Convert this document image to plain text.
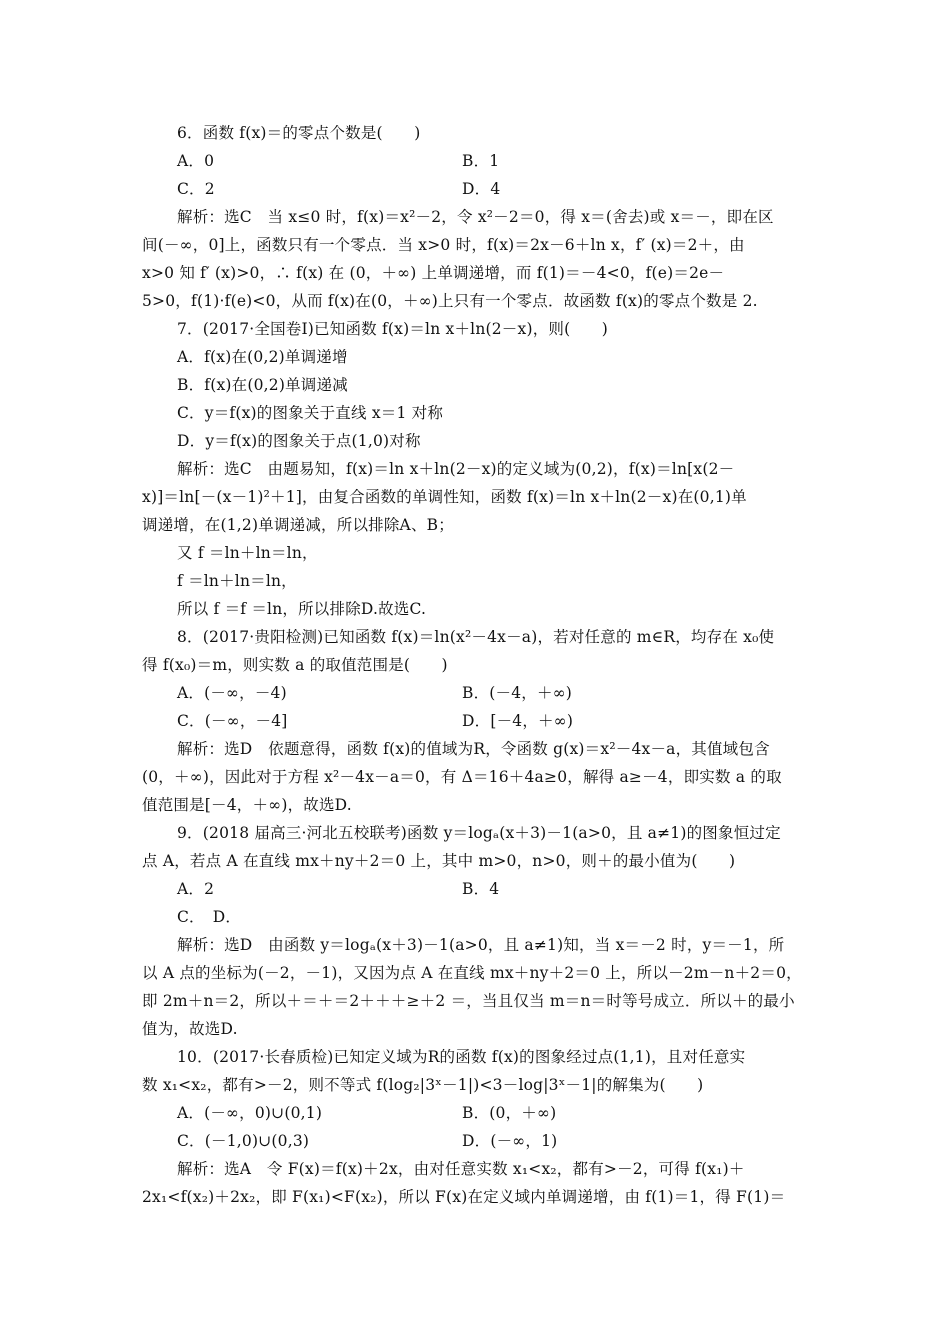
6．函数 f(x)＝的零点个数是(　　)
A．0	B．1
C．2	D．4
解析：选C　当 x≤0 时，f(x)＝x²－2，令 x²－2＝0，得 x＝(舍去)或 x＝－，即在区
间(－∞，0]上，函数只有一个零点．当 x>0 时，f(x)＝2x－6＋ln x，f′ (x)＝2＋，由
x>0 知 f′ (x)>0，∴ f(x) 在 (0，＋∞) 上单调递增，而 f(1)＝－4<0，f(e)＝2e－
5>0，f(1)·f(e)<0，从而 f(x)在(0，＋∞)上只有一个零点．故函数 f(x)的零点个数是 2.
7．(2017·全国卷Ⅰ)已知函数 f(x)＝ln x＋ln(2－x)，则(　　)
A．f(x)在(0,2)单调递增
B．f(x)在(0,2)单调递减
C．y＝f(x)的图象关于直线 x＝1 对称
D．y＝f(x)的图象关于点(1,0)对称
解析：选C　由题易知，f(x)＝ln x＋ln(2－x)的定义域为(0,2)，f(x)＝ln[x(2－
x)]＝ln[－(x－1)²＋1]，由复合函数的单调性知，函数 f(x)＝ln x＋ln(2－x)在(0,1)单
调递增，在(1,2)单调递减，所以排除A、B；
又 f ＝ln＋ln＝ln，
f ＝ln＋ln＝ln，
所以 f ＝f ＝ln，所以排除D.故选C.
8．(2017·贵阳检测)已知函数 f(x)＝ln(x²－4x－a)，若对任意的 m∈R，均存在 x₀使
得 f(x₀)＝m，则实数 a 的取值范围是(　　)
A．(－∞，－4)	B．(－4，＋∞)
C．(－∞，－4]	D．[－4，＋∞)
解析：选D　依题意得，函数 f(x)的值域为R，令函数 g(x)＝x²－4x－a，其值域包含
(0，＋∞)，因此对于方程 x²－4x－a＝0，有 Δ＝16＋4a≥0，解得 a≥－4，即实数 a 的取
值范围是[－4，＋∞)，故选D.
9．(2018 届高三·河北五校联考)函数 y＝logₐ(x＋3)－1(a>0，且 a≠1)的图象恒过定
点 A，若点 A 在直线 mx＋ny＋2＝0 上，其中 m>0，n>0，则＋的最小值为(　　)
A．2	B．4
C．　D．
解析：选D　由函数 y＝logₐ(x＋3)－1(a>0，且 a≠1)知，当 x＝－2 时，y＝－1，所
以 A 点的坐标为(－2，－1)，又因为点 A 在直线 mx＋ny＋2＝0 上，所以－2m－n＋2＝0，
即 2m＋n＝2，所以＋＝＋＝2＋＋＋≥＋2 ＝，当且仅当 m＝n＝时等号成立．所以＋的最小
值为，故选D.
10．(2017·长春质检)已知定义域为R的函数 f(x)的图象经过点(1,1)，且对任意实
数 x₁<x₂，都有>－2，则不等式 f(log₂|3ˣ－1|)<3－log|3ˣ－1|的解集为(　　)
A．(－∞，0)∪(0,1)	B．(0，＋∞)
C．(－1,0)∪(0,3)	D．(－∞，1)
解析：选A　令 F(x)＝f(x)＋2x，由对任意实数 x₁<x₂，都有>－2，可得 f(x₁)＋
2x₁<f(x₂)＋2x₂，即 F(x₁)<F(x₂)，所以 F(x)在定义域内单调递增，由 f(1)＝1，得 F(1)＝
